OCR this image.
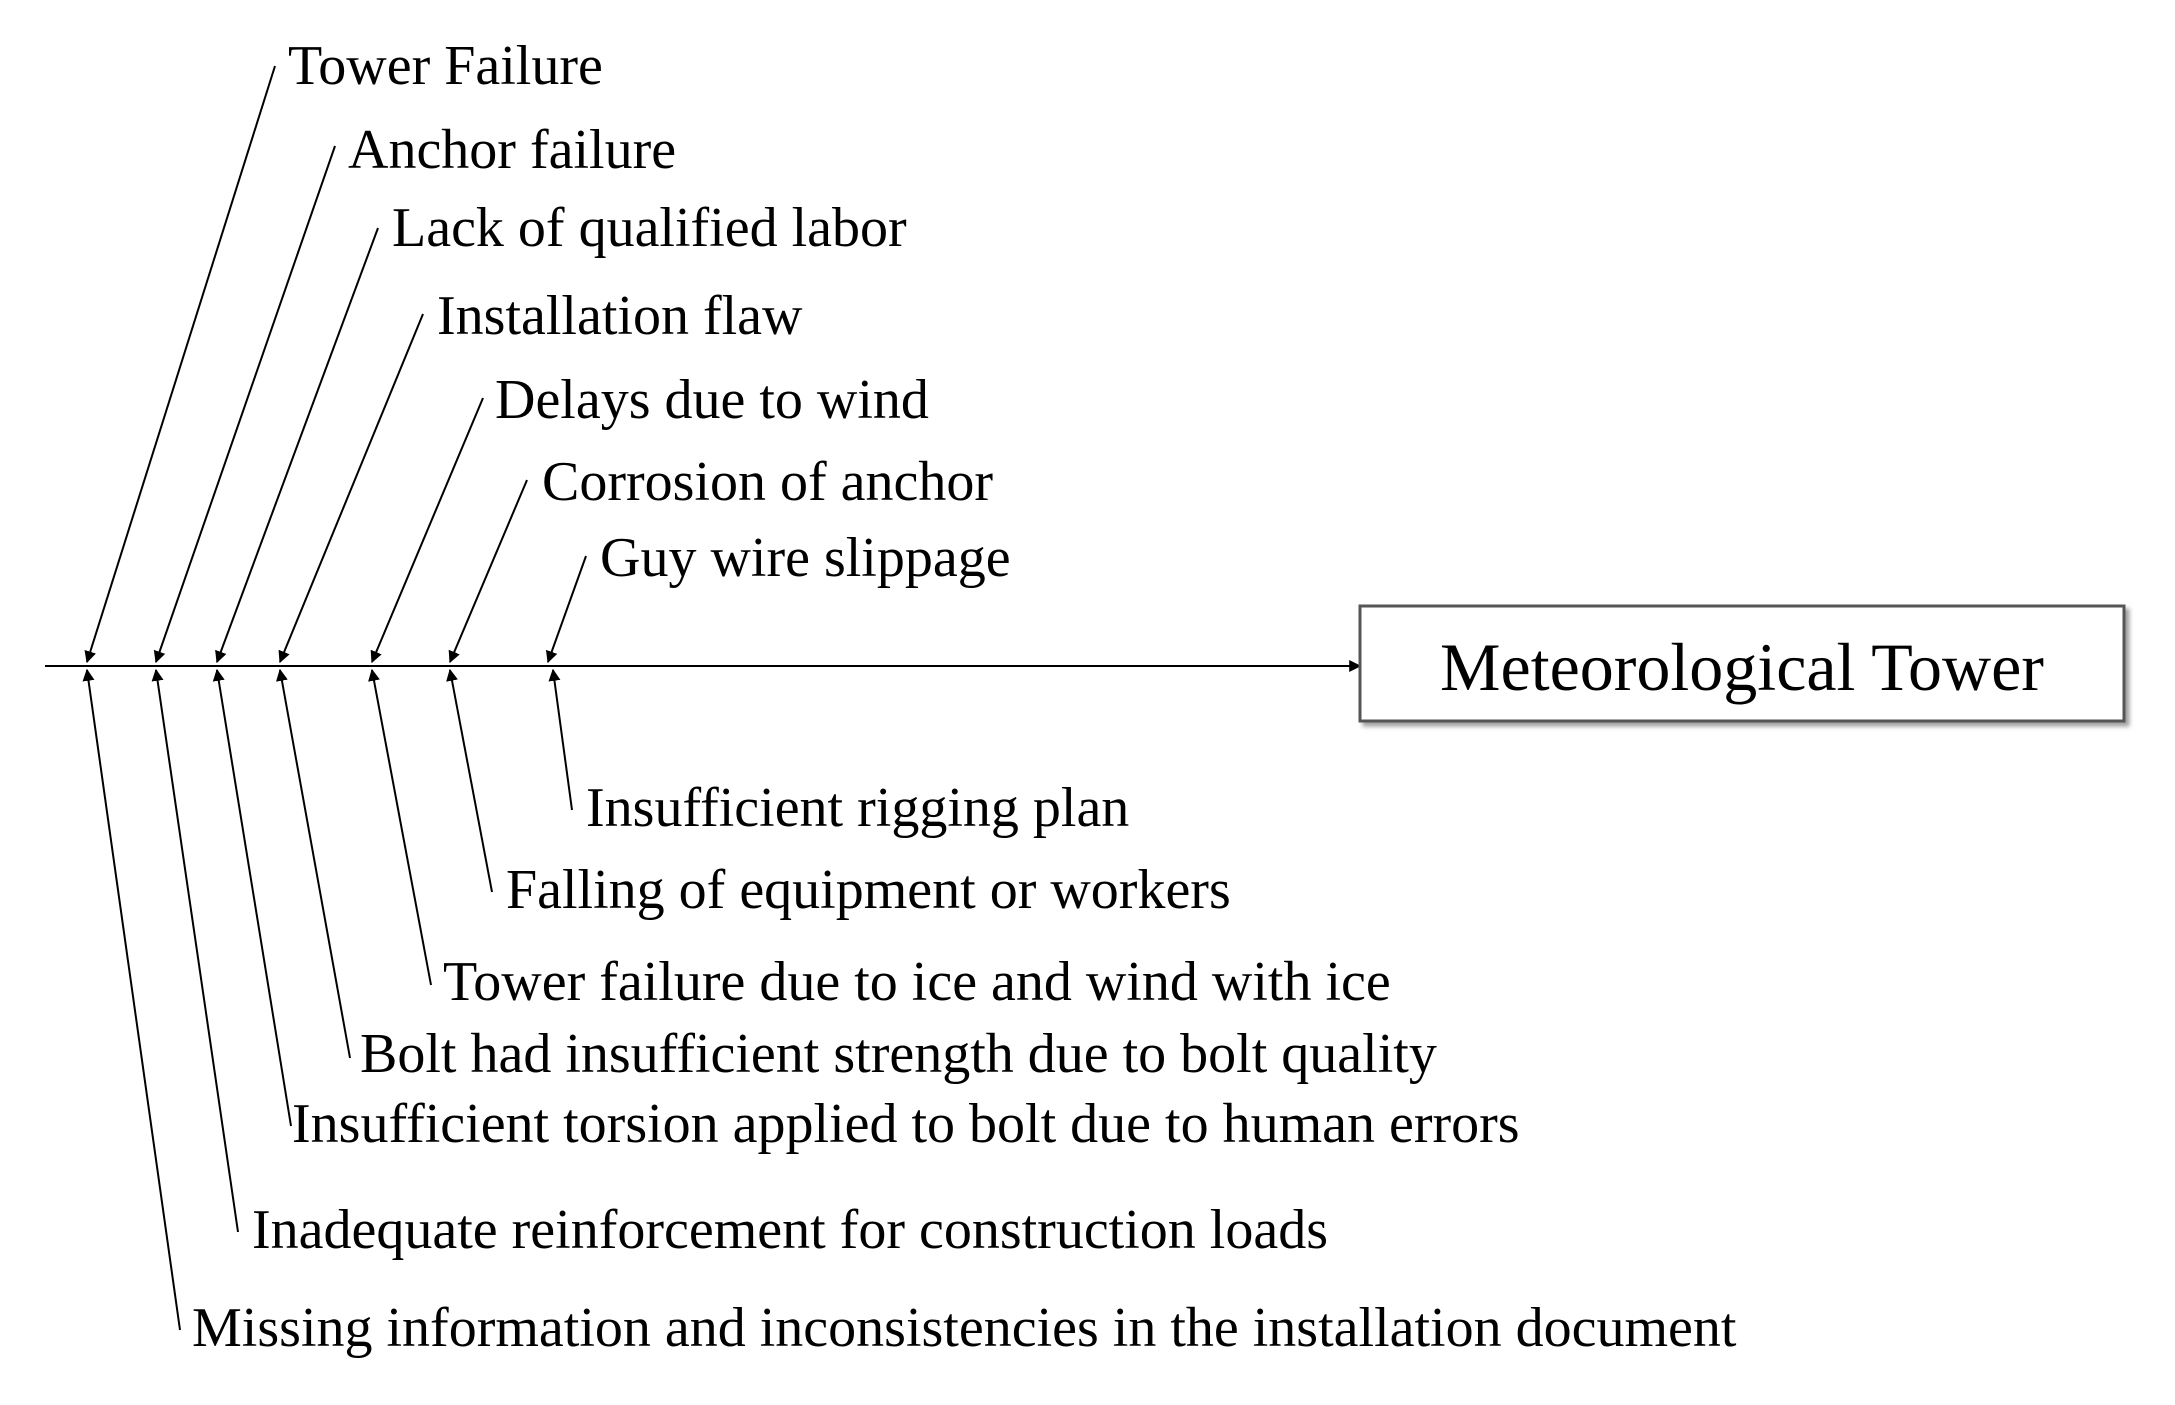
Meteorological Tower
Tower Failure
Anchor failure
Lack of qualified labor
Installation flaw
Delays due to wind
Corrosion of anchor
Guy wire slippage
Insufficient rigging plan
Falling of equipment or workers
Tower failure due to ice and wind with ice
Bolt had insufficient strength due to bolt quality
Insufficient torsion applied to bolt due to human errors
Inadequate reinforcement for construction loads
Missing information and inconsistencies in the installation document
